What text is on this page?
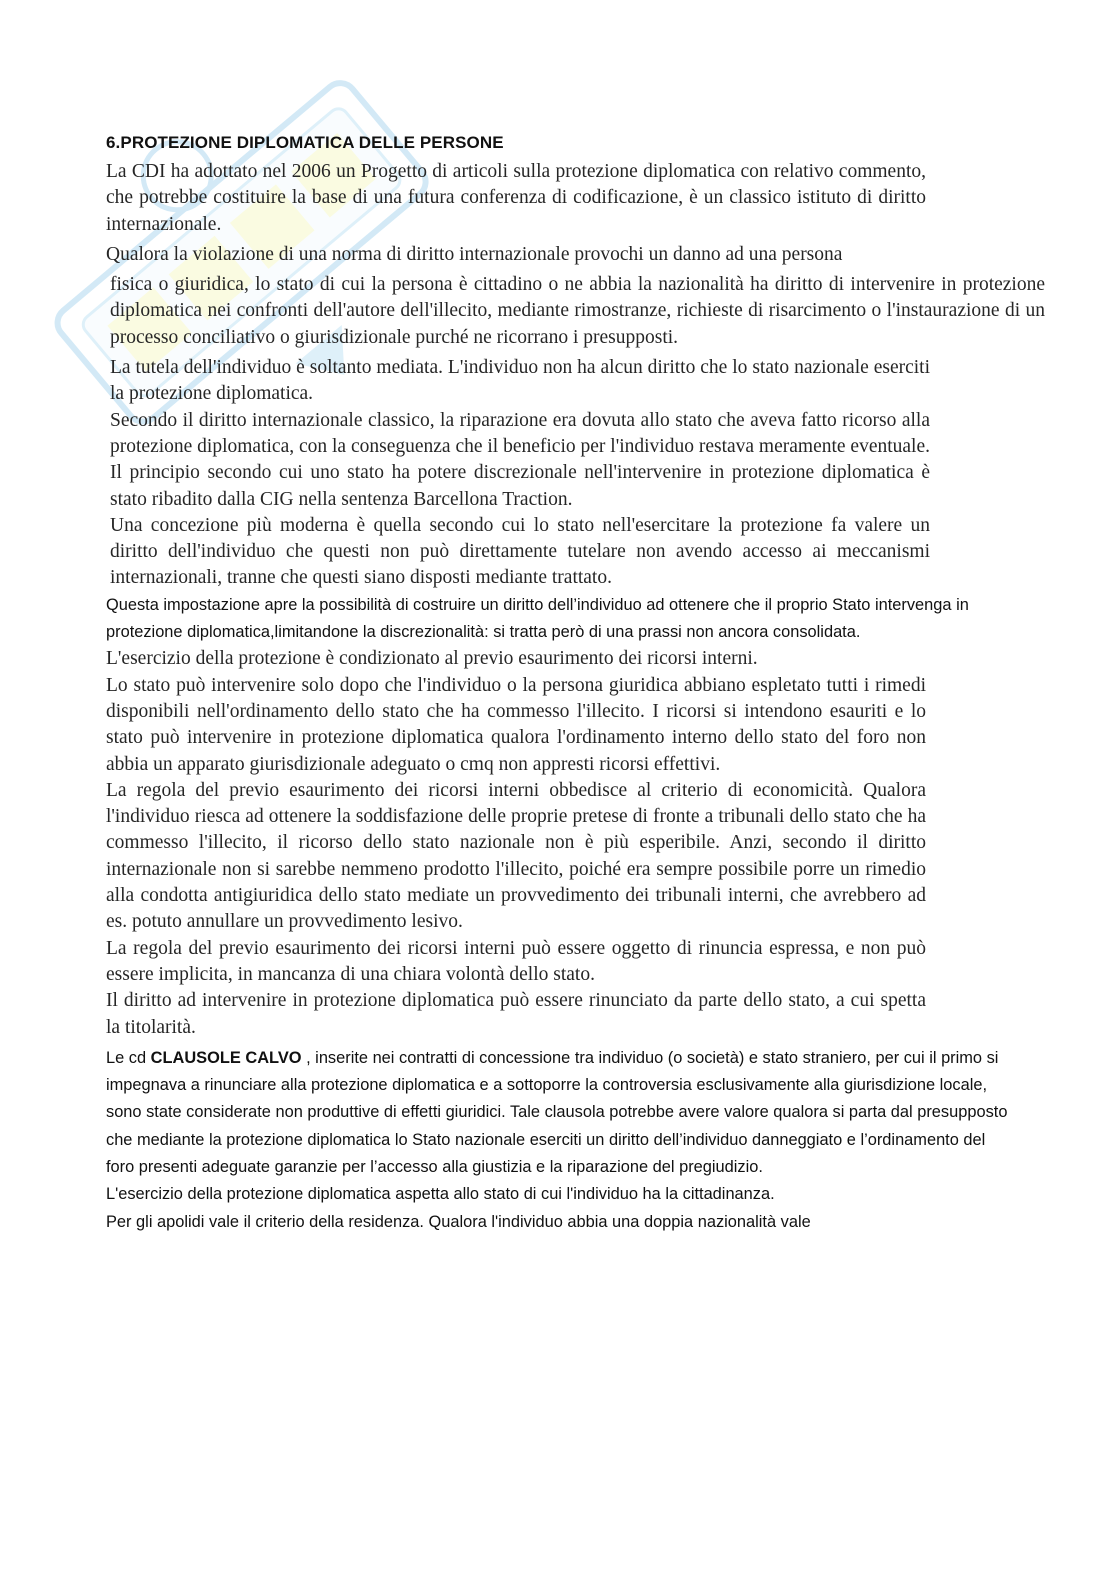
6.PROTEZIONE DIPLOMATICA DELLE PERSONE

La CDI ha adottato nel 2006 un Progetto di articoli sulla protezione diplomatica con relativo commento, che potrebbe costituire la base di una futura conferenza di codificazione, è un classico istituto di diritto internazionale.

Qualora la violazione di una norma di diritto internazionale provochi un danno ad una persona

fisica o giuridica, lo stato di cui la persona è cittadino o ne abbia la nazionalità ha diritto di intervenire in protezione diplomatica nei confronti dell'autore dell'illecito, mediante rimostranze, richieste di risarcimento o l'instaurazione di un processo conciliativo o giurisdizionale purché ne ricorrano i presupposti.

La tutela dell'individuo è soltanto mediata. L'individuo non ha alcun diritto che lo stato nazionale eserciti la protezione diplomatica.

Secondo il diritto internazionale classico, la riparazione era dovuta allo stato che aveva fatto ricorso alla protezione diplomatica, con la conseguenza che il beneficio per l'individuo restava meramente eventuale.

Il principio secondo cui uno stato ha potere discrezionale nell'intervenire in protezione diplomatica è stato ribadito dalla CIG nella sentenza Barcellona Traction.

Una concezione più moderna è quella secondo cui lo stato nell'esercitare la protezione fa valere un diritto dell'individuo che questi non può direttamente tutelare non avendo accesso ai meccanismi internazionali, tranne che questi siano disposti mediante trattato.

Questa impostazione apre la possibilità di costruire un diritto dell’individuo ad ottenere che il proprio Stato intervenga in protezione diplomatica,limitandone la discrezionalità: si tratta però di una prassi non ancora consolidata.

L'esercizio della protezione è condizionato al previo esaurimento dei ricorsi interni.

Lo stato può intervenire solo dopo che l'individuo o la persona giuridica abbiano espletato tutti i rimedi disponibili nell'ordinamento dello stato che ha commesso l'illecito. I ricorsi si intendono esauriti e lo stato può intervenire in protezione diplomatica qualora l'ordinamento interno dello stato del foro non abbia un apparato giurisdizionale adeguato o cmq non appresti ricorsi effettivi.

La regola del previo esaurimento dei ricorsi interni obbedisce al criterio di economicità. Qualora l'individuo riesca ad ottenere la soddisfazione delle proprie pretese di fronte a tribunali dello stato che ha commesso l'illecito, il ricorso dello stato nazionale non è più esperibile. Anzi, secondo il diritto internazionale non si sarebbe nemmeno prodotto l'illecito, poiché era sempre possibile porre un rimedio alla condotta antigiuridica dello stato mediate un provvedimento dei tribunali interni, che avrebbero ad es. potuto annullare un provvedimento lesivo.

La regola del previo esaurimento dei ricorsi interni può essere oggetto di rinuncia espressa, e non può essere implicita, in mancanza di una chiara volontà dello stato.

Il diritto ad intervenire in protezione diplomatica può essere rinunciato da parte dello stato, a cui spetta la titolarità.

Le cd CLAUSOLE CALVO , inserite nei contratti di concessione tra individuo (o società) e stato straniero, per cui il primo si impegnava a rinunciare alla protezione diplomatica e a sottoporre la controversia esclusivamente alla giurisdizione locale, sono state considerate non produttive di effetti giuridici. Tale clausola potrebbe avere valore qualora si parta dal presupposto che mediante la protezione diplomatica lo Stato nazionale eserciti un diritto dell’individuo danneggiato e l’ordinamento del foro presenti adeguate garanzie per l’accesso alla giustizia e la riparazione del pregiudizio.

L'esercizio della protezione diplomatica aspetta allo stato di cui l'individuo ha la cittadinanza.

Per gli apolidi vale il criterio della residenza. Qualora l'individuo abbia una doppia nazionalità vale
